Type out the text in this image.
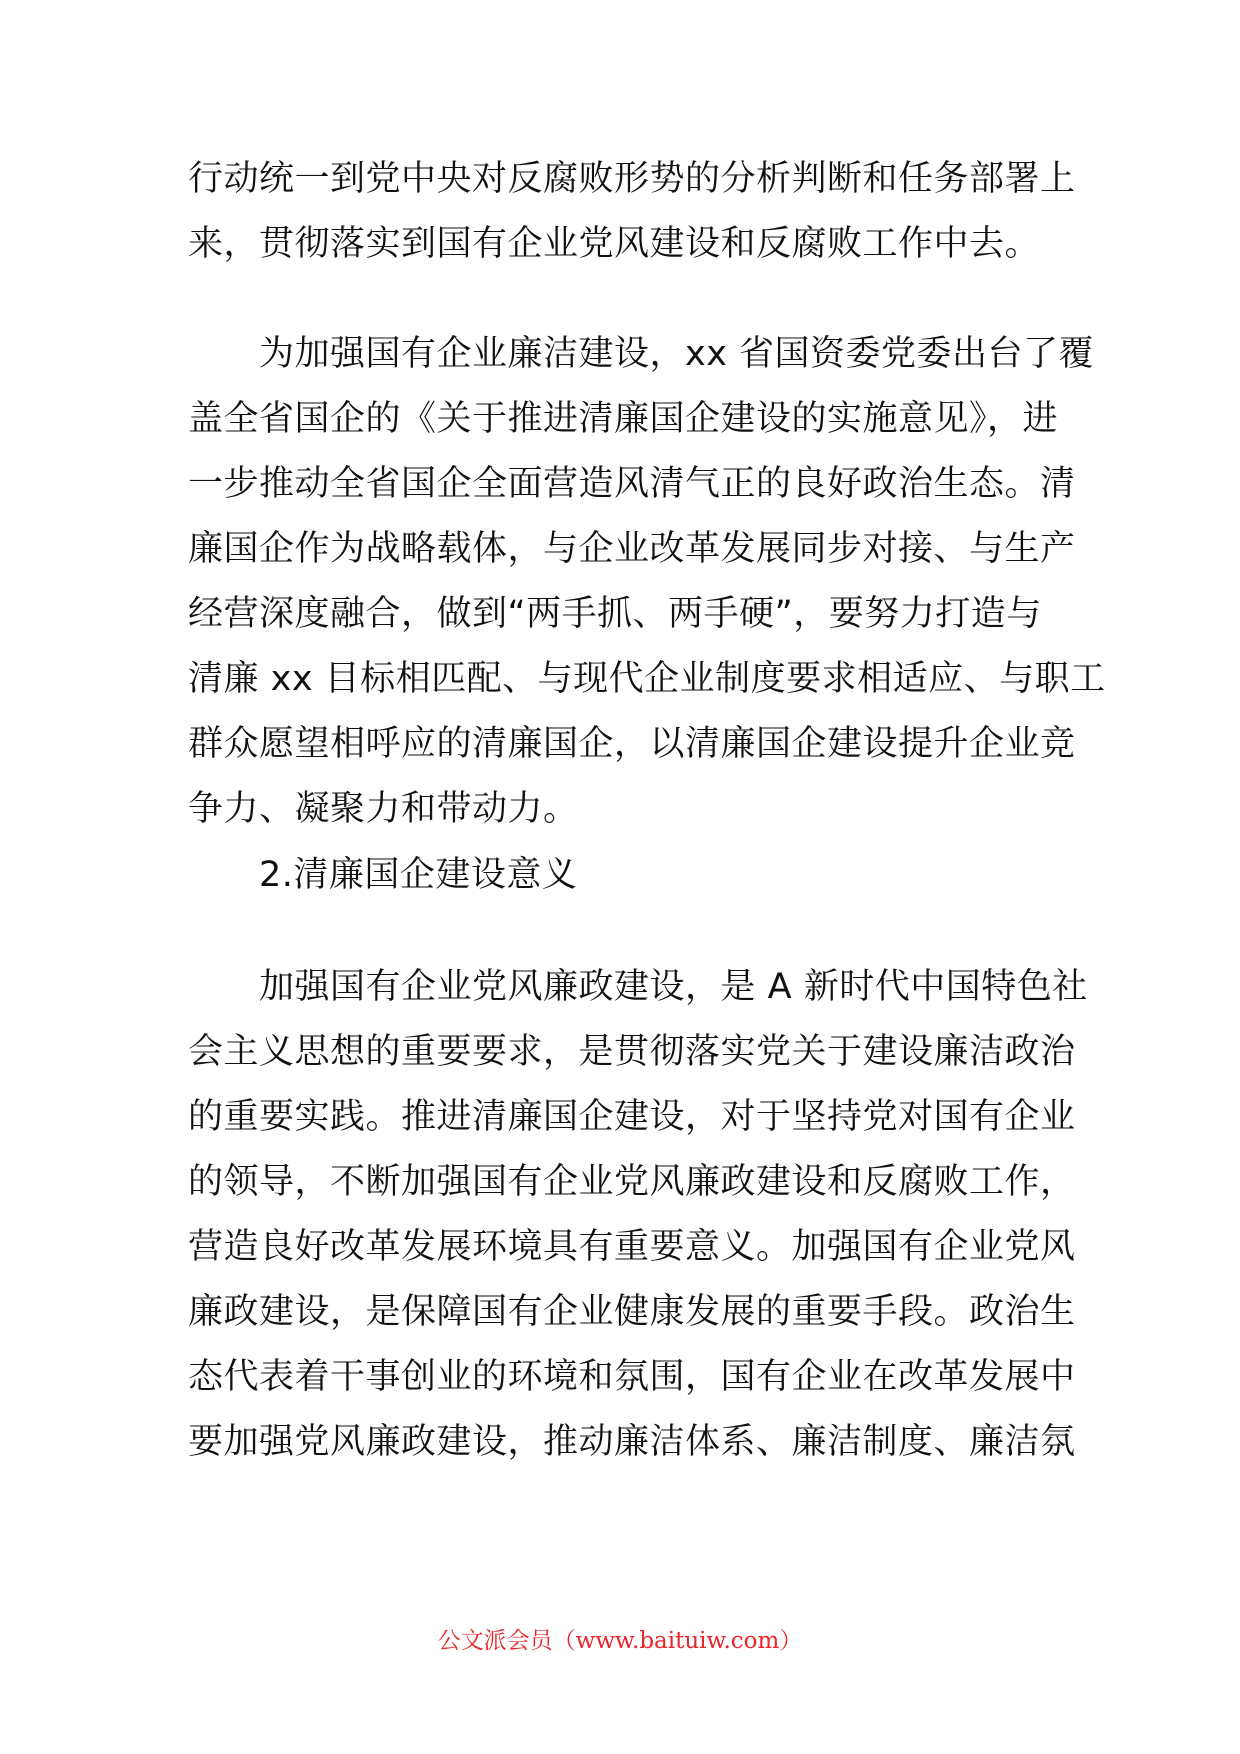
行动统一到党中央对反腐败形势的分析判断和任务部署上
来，贯彻落实到国有企业党风建设和反腐败工作中去。
　　为加强国有企业廉洁建设，xx 省国资委党委出台了覆
盖全省国企的《关于推进清廉国企建设的实施意见》，进
一步推动全省国企全面营造风清气正的良好政治生态。清
廉国企作为战略载体，与企业改革发展同步对接、与生产
经营深度融合，做到“两手抓、两手硬”，要努力打造与
清廉 xx 目标相匹配、与现代企业制度要求相适应、与职工
群众愿望相呼应的清廉国企，以清廉国企建设提升企业竞
争力、凝聚力和带动力。
　　2.清廉国企建设意义
　　加强国有企业党风廉政建设，是 A 新时代中国特色社
会主义思想的重要要求，是贯彻落实党关于建设廉洁政治
的重要实践。推进清廉国企建设，对于坚持党对国有企业
的领导，不断加强国有企业党风廉政建设和反腐败工作，
营造良好改革发展环境具有重要意义。加强国有企业党风
廉政建设，是保障国有企业健康发展的重要手段。政治生
态代表着干事创业的环境和氛围，国有企业在改革发展中
要加强党风廉政建设，推动廉洁体系、廉洁制度、廉洁氛
公文派会员（www.baituiw.com）
